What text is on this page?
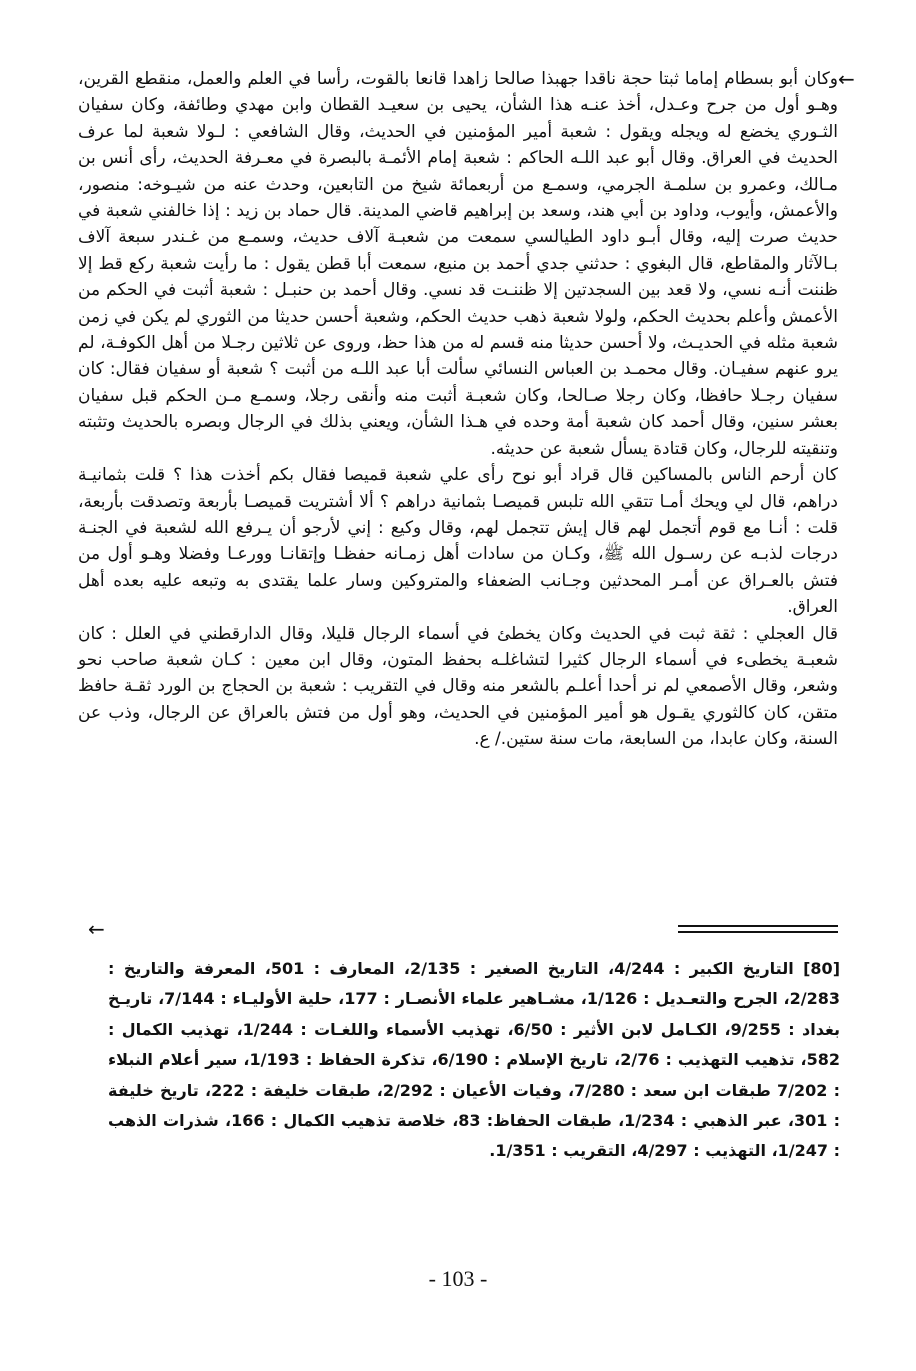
←

وكان أبو بسطام إماما ثبتا حجة ناقدا جهبذا صالحا زاهدا قانعا بالقوت، رأسا في العلم والعمل، منقطع القرين، وهـو أول من جرح وعـدل، أخذ عنـه هذا الشأن، يحيى بن سعيـد القطان وابن مهدي وطائفة، وكان سفيان الثـوري يخضع له ويجله ويقول : شعبة أمير المؤمنين في الحديث، وقال الشافعي : لـولا شعبة لما عرف الحديث في العراق. وقال أبو عبد اللـه الحاكم : شعبة إمام الأئمـة بالبصرة في معـرفة الحديث، رأى أنس بن مـالك، وعمرو بن سلمـة الجرمي، وسمـع من أربعمائة شيخ من التابعين، وحدث عنه من شيـوخه: منصور، والأعمش، وأيوب، وداود بن أبي هند، وسعد بن إبراهيم قاضي المدينة. قال حماد بن زيد : إذا خالفني شعبة في حديث صرت إليه، وقال أبـو داود الطيالسي سمعت من شعبـة آلاف حديث، وسمـع من غـندر سبعة آلاف بـالآثار والمقاطع، قال البغوي : حدثني جدي أحمد بن منيع، سمعت أبا قطن يقول : ما رأيت شعبة ركع قط إلا ظننت أنـه نسي، ولا قعد بين السجدتين إلا ظننـت قد نسي. وقال أحمد بن حنبـل : شعبة أثبت في الحكم من الأعمش وأعلم بحديث الحكم، ولولا شعبة ذهب حديث الحكم، وشعبة أحسن حديثا من الثوري لم يكن في زمن شعبة مثله في الحديـث، ولا أحسن حديثا منه قسم له من هذا حظ، وروى عن ثلاثين رجـلا من أهل الكوفـة، لم يرو عنهم سفيـان. وقال محمـد بن العباس النسائي سألت أبا عبد اللـه من أثبت ؟ شعبة أو سفيان فقال: كان سفيان رجـلا حافظا، وكان رجلا صـالحا، وكان شعبـة أثبت منه وأنقى رجلا، وسمـع مـن الحكم قبل سفيان بعشر سنين، وقال أحمد كان شعبة أمة وحده في هـذا الشأن، ويعني بذلك في الرجال وبصره بالحديث وتثبته وتنقيته للرجال، وكان قتادة يسأل شعبة عن حديثه.

كان أرحم الناس بالمساكين قال قراد أبو نوح رأى علي شعبة قميصا فقال بكم أخذت هذا ؟ قلت بثمانيـة دراهم، قال لي ويحك أمـا تتقي الله تلبس قميصـا بثمانية دراهم ؟ ألا أشتريت قميصـا بأربعة وتصدقت بأربعة، قلت : أنـا مع قوم أتجمل لهم قال إيش تتجمل لهم، وقال وكيع : إني لأرجو أن يـرفع الله لشعبة في الجنـة درجات لذبـه عن رسـول الله ﷺ، وكـان من سادات أهل زمـانه حفظـا وإتقانـا وورعـا وفضلا وهـو أول من فتش بالعـراق عن أمـر المحدثين وجـانب الضعفاء والمتروكين وسار علما يقتدى به وتبعه عليه بعده أهل العراق.

قال العجلي : ثقة ثبت في الحديث وكان يخطئ في أسماء الرجال قليلا، وقال الدارقطني في العلل : كان شعبـة يخطىء في أسماء الرجال كثيرا لتشاغلـه بحفظ المتون، وقال ابن معين : كـان شعبة صاحب نحو وشعر، وقال الأصمعي لم نر أحدا أعلـم بالشعر منه وقال في التقريب : شعبة بن الحجاج بن الورد ثقـة حافظ متقن، كان كالثوري يقـول هو أمير المؤمنين في الحديث، وهو أول من فتش بالعراق عن الرجال، وذب عن السنة، وكان عابدا، من السابعة، مات سنة ستين./ ع.

←

[80] التاريخ الكبير : 4/244، التاريخ الصغير : 2/135، المعارف : 501، المعرفة والتاريخ : 2/283، الجرح والتعـديل : 1/126، مشـاهير علماء الأنصـار : 177، حلية الأوليـاء : 7/144، تاريـخ بغداد : 9/255، الكـامل لابن الأثير : 6/50، تهذيب الأسماء واللغـات : 1/244، تهذيب الكمال : 582، تذهيب التهذيب : 2/76، تاريخ الإسلام : 6/190، تذكرة الحفاظ : 1/193، سير أعلام النبلاء : 7/202 طبقات ابن سعد : 7/280، وفيات الأعيان : 2/292، طبقات خليفة : 222، تاريخ خليفة : 301، عبر الذهبي : 1/234، طبقات الحفاظ: 83، خلاصة تذهيب الكمال : 166، شذرات الذهب : 1/247، التهذيب : 4/297، التقريب : 1/351.

- 103 -
